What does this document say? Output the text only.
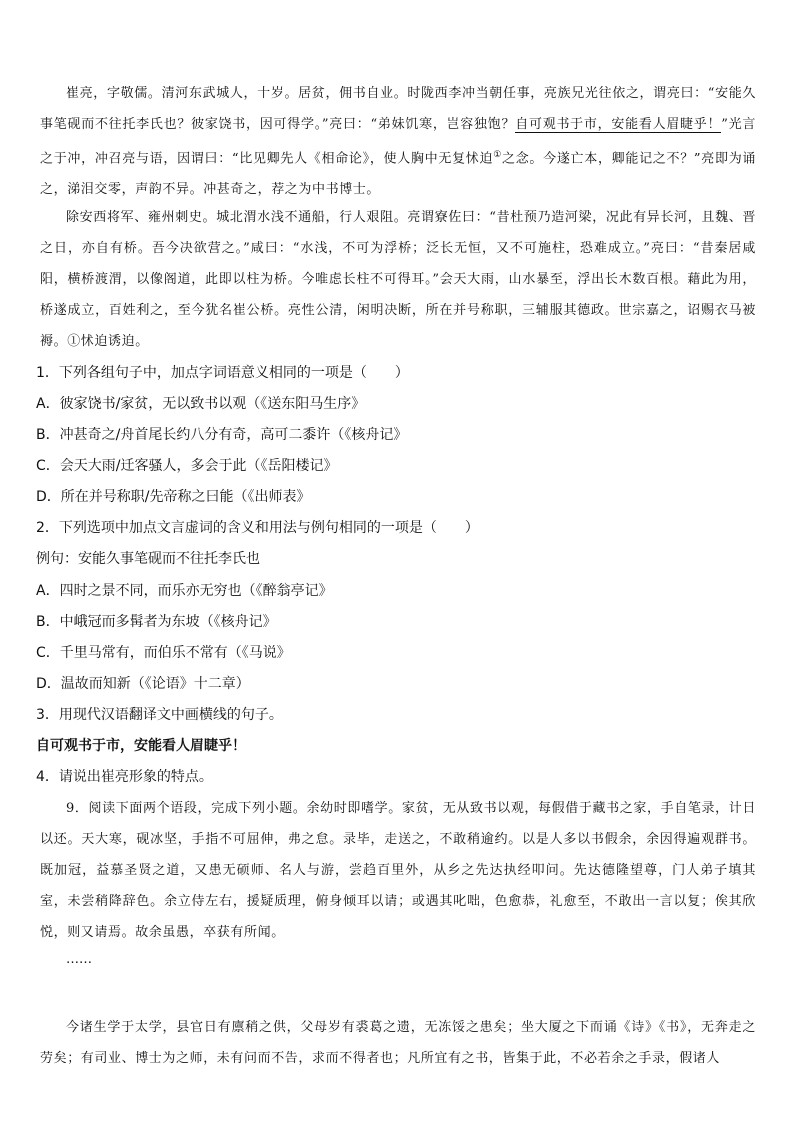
崔亮，字敬儒。清河东武城人，十岁。居贫，佣书自业。时陇西李冲当朝任事，亮族兄光往依之，谓亮曰：“安能久事笔砚而不往托李氏也？彼家饶书，因可得学。”亮曰：“弟妹饥寒，岂容独饱？自可观书于市，安能看人眉睫乎！”光言之于冲，冲召亮与语，因谓曰：“比见卿先人《相命论》，使人胸中无复怵迫①之念。今遂亡本，卿能记之不？”亮即为诵之，涕泪交零，声韵不异。冲甚奇之，荐之为中书博士。

除安西将军、雍州刺史。城北渭水浅不通船，行人艰阻。亮谓寮佐曰：“昔杜预乃造河梁，况此有异长河，且魏、晋之日，亦自有桥。吾今决欲营之。”咸曰：“水浅，不可为浮桥；泛长无恒，又不可施柱，恐难成立。”亮曰：“昔秦居咸阳，横桥渡渭，以像阁道，此即以柱为桥。今唯虑长柱不可得耳。”会天大雨，山水暴至，浮出长木数百根。藉此为用，桥遂成立，百姓利之，至今犹名崔公桥。亮性公清，闲明决断，所在并号称职，三辅服其德政。世宗嘉之，诏赐衣马被褥。①怵迫诱迫。

1．下列各组句子中，加点字词语意义相同的一项是（　　）

A．彼家饶书/家贫，无以致书以观（《送东阳马生序》

B．冲甚奇之/舟首尾长约八分有奇，高可二黍许（《核舟记》

C．会天大雨/迁客骚人，多会于此（《岳阳楼记》

D．所在并号称职/先帝称之曰能（《出师表》

2．下列选项中加点文言虚词的含义和用法与例句相同的一项是（　　）

例句：安能久事笔砚而不往托李氏也

A．四时之景不同，而乐亦无穷也（《醉翁亭记》

B．中峨冠而多髯者为东坡（《核舟记》

C．千里马常有，而伯乐不常有（《马说》

D．温故而知新（《论语》十二章）

3．用现代汉语翻译文中画横线的句子。

自可观书于市，安能看人眉睫乎！

4．请说出崔亮形象的特点。

9．阅读下面两个语段，完成下列小题。余幼时即嗜学。家贫，无从致书以观，每假借于藏书之家，手自笔录，计日以还。天大寒，砚冰坚，手指不可屈伸，弗之怠。录毕，走送之，不敢稍逾约。以是人多以书假余，余因得遍观群书。既加冠，益慕圣贤之道，又患无硕师、名人与游，尝趋百里外，从乡之先达执经叩问。先达德隆望尊，门人弟子填其室，未尝稍降辞色。余立侍左右，援疑质理，俯身倾耳以请；或遇其叱咄，色愈恭，礼愈至，不敢出一言以复；俟其欣悦，则又请焉。故余虽愚，卒获有所闻。

……

今诸生学于太学，县官日有廪稍之供，父母岁有裘葛之遗，无冻馁之患矣；坐大厦之下而诵《诗》《书》，无奔走之劳矣；有司业、博士为之师，未有问而不告，求而不得者也；凡所宜有之书，皆集于此，不必若余之手录，假诸人
